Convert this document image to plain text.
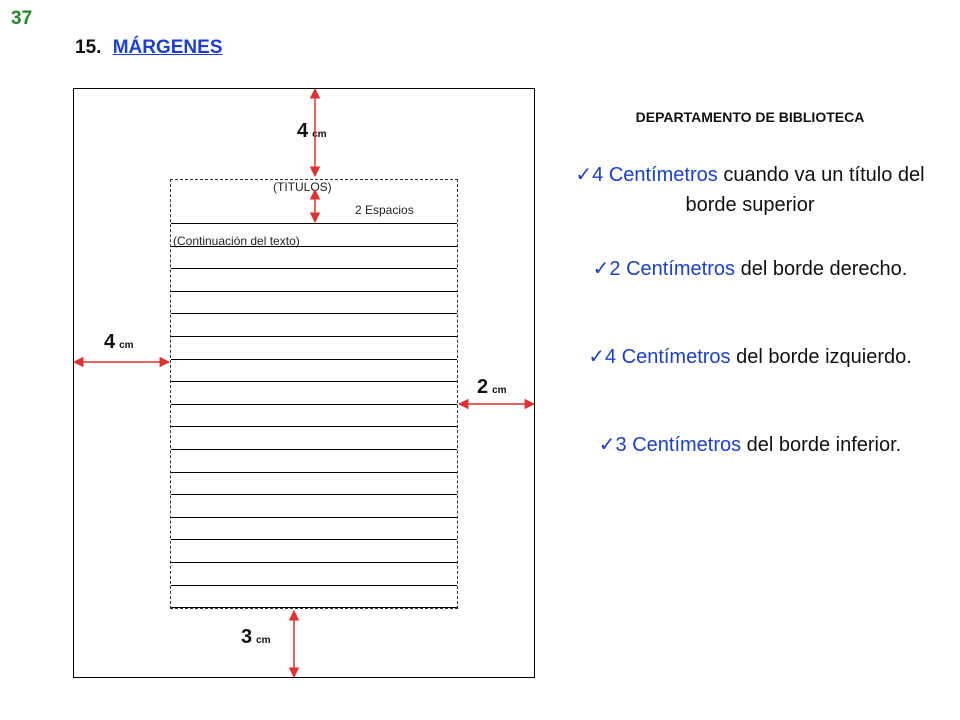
37
15. MÁRGENES
(TITULOS)
2 Espacios
(Continuación del texto)
4 cm
4 cm
2 cm
3 cm
DEPARTAMENTO DE BIBLIOTECA
✓4 Centímetros cuando va un título del borde superior
✓2 Centímetros del borde derecho.
✓4 Centímetros del borde izquierdo.
✓3 Centímetros del borde inferior.
